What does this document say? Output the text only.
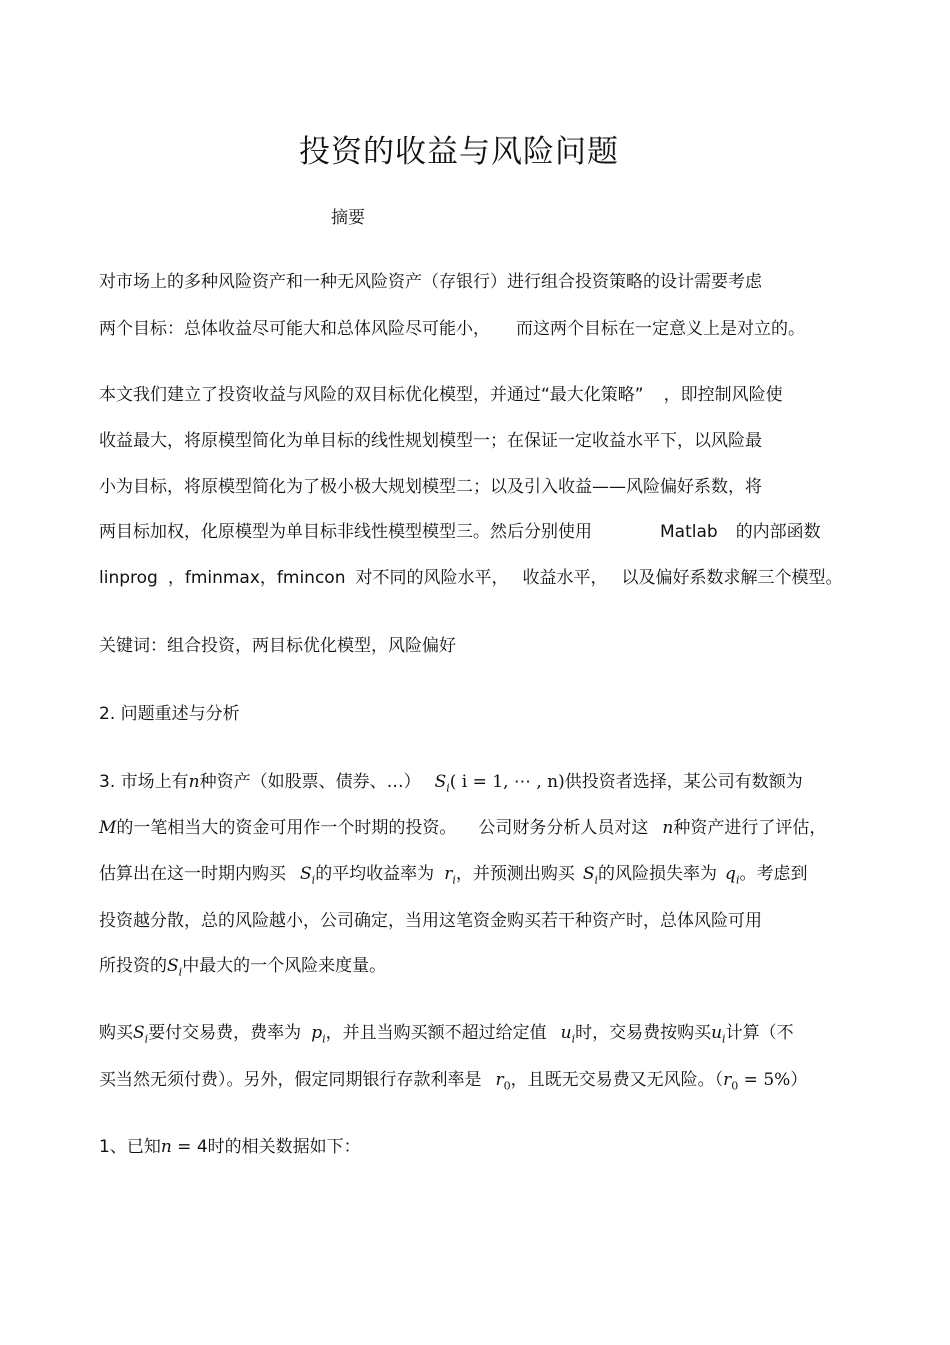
投资的收益与风险问题
摘要
对市场上的多种风险资产和一种无风险资产（存银行）进行组合投资策略的设计需要考虑
两个目标：总体收益尽可能大和总体风险尽可能小， 而这两个目标在一定意义上是对立的。
本文我们建立了投资收益与风险的双目标优化模型，并通过“最大化策略” ，即控制风险使
收益最大，将原模型简化为单目标的线性规划模型一；在保证一定收益水平下，以风险最
小为目标，将原模型简化为了极小极大规划模型二；以及引入收益——风险偏好系数，将
两目标加权，化原模型为单目标非线性模型模型三。然后分别使用	Matlab 的内部函数
linprog ，fminmax，fmincon 对不同的风险水平， 收益水平， 以及偏好系数求解三个模型。
关键词：组合投资，两目标优化模型，风险偏好
2. 问题重述与分析
3. 市场上有n种资产（如股票、债券、…） $S_i$( i = 1, ⋯ , n)供投资者选择，某公司有数额为
M的一笔相当大的资金可用作一个时期的投资。 公司财务分析人员对这 n种资产进行了评估，
估算出在这一时期内购买 $S_i$的平均收益率为 $r_i$，并预测出购买 $S_i$的风险损失率为 $q_i$。考虑到
投资越分散，总的风险越小，公司确定，当用这笔资金购买若干种资产时，总体风险可用
所投资的$S_i$中最大的一个风险来度量。
购买$S_i$要付交易费，费率为 $p_i$，并且当购买额不超过给定值 $u_i$时，交易费按购买$u_i$计算（不
买当然无须付费）。另外，假定同期银行存款利率是 $r_0$，且既无交易费又无风险。$(r_0 = 5\%)$
1、已知n = 4时的相关数据如下：
